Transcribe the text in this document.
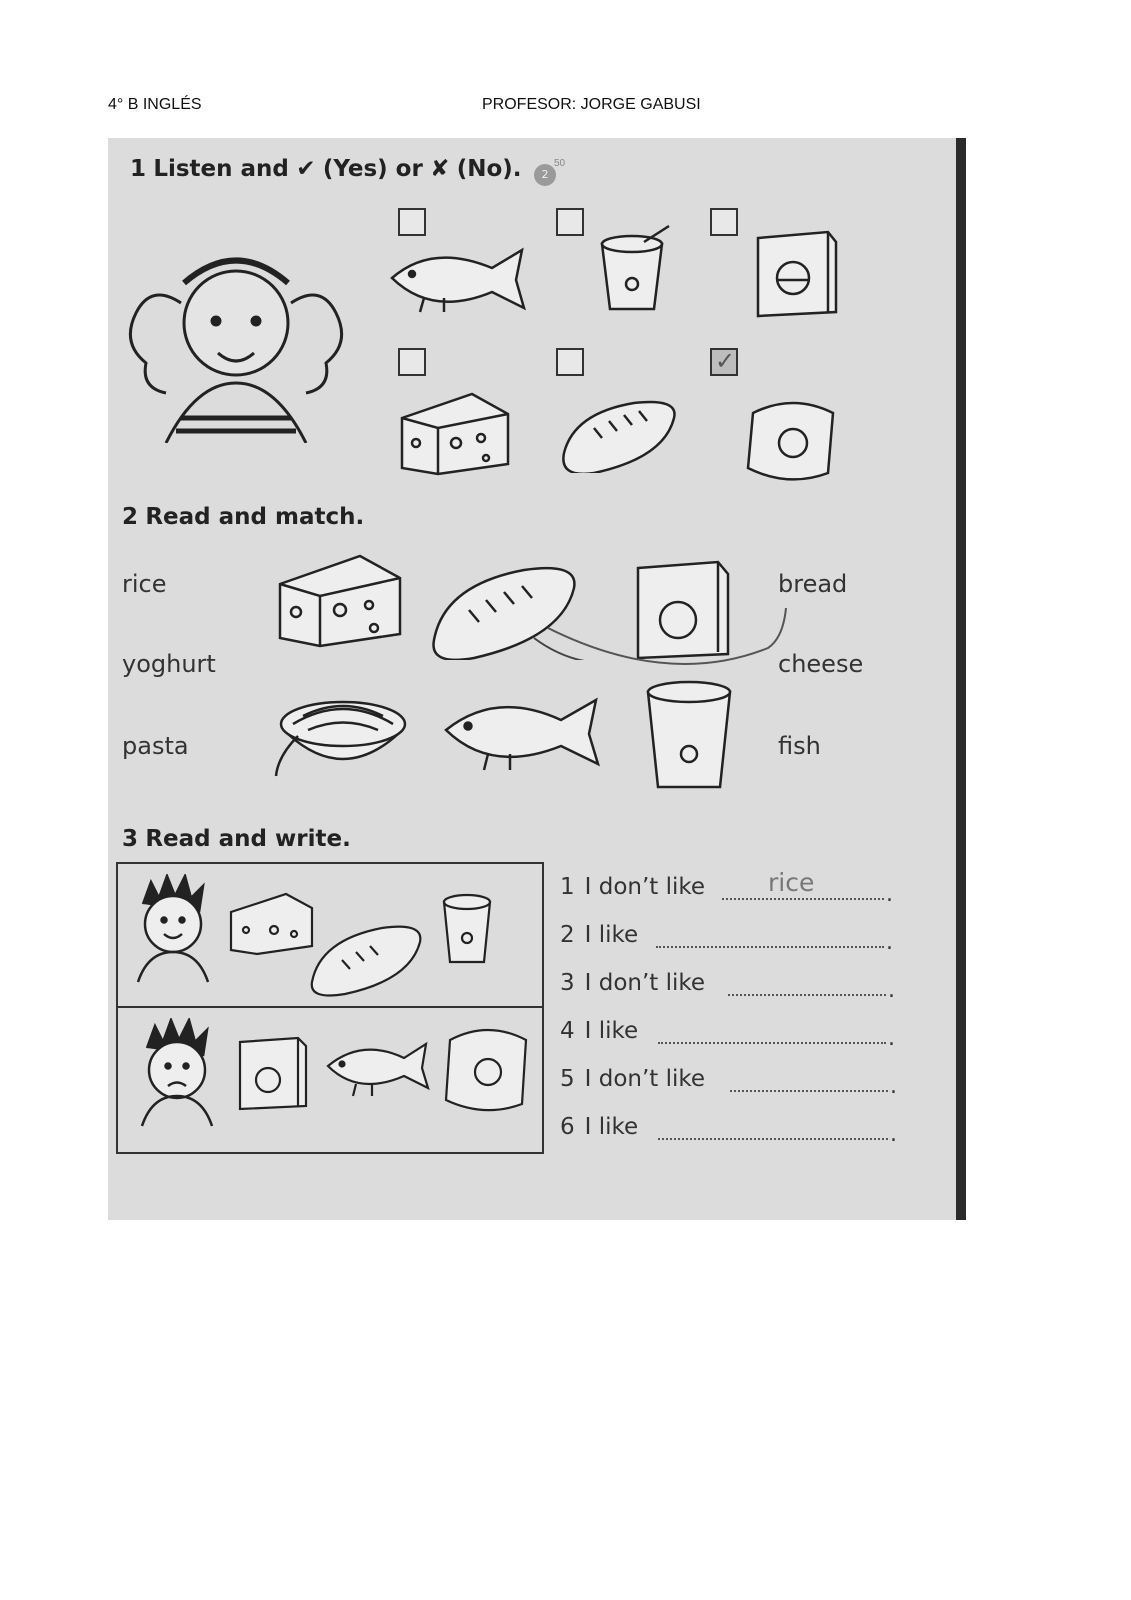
4° B INGLÉS	PROFESOR: JORGE GABUSI
1 Listen and ✔ (Yes) or ✘ (No).	2
50
✓
2 Read and match.
rice
yoghurt
pasta
bread
cheese
fish
3 Read and write.
1 I don’t like	rice	.
2 I like	.
3 I don’t like	.
4 I like	.
5 I don’t like	.
6 I like	.
